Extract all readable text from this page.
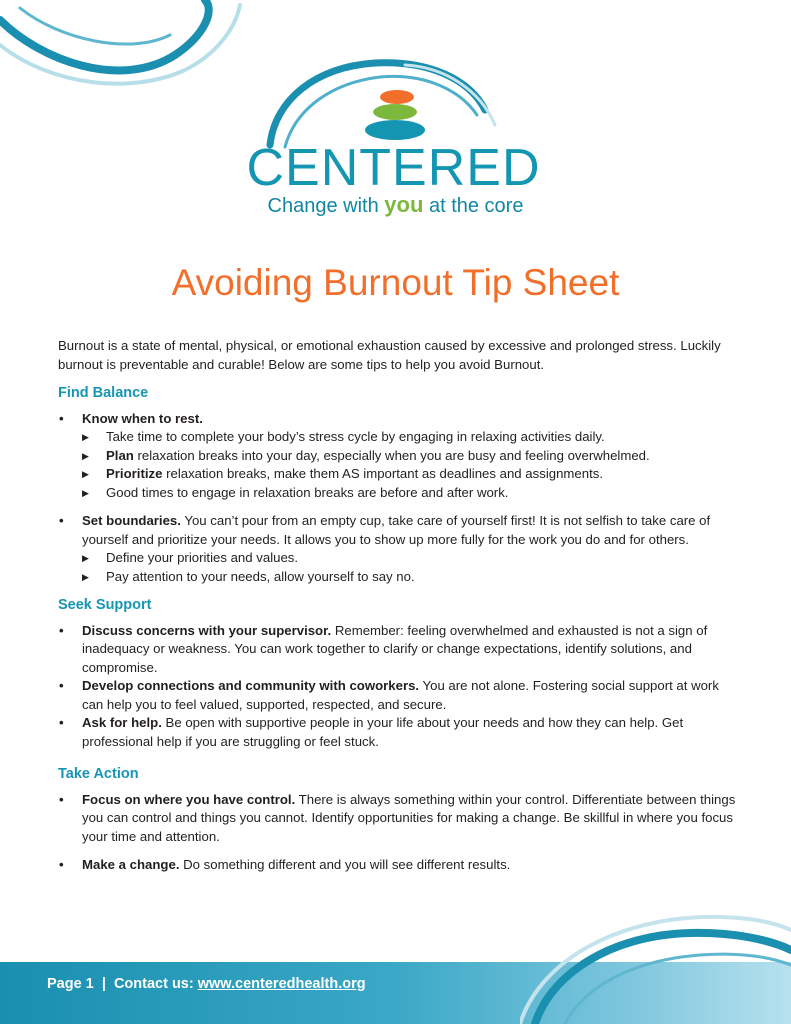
CENTERED
Change with you at the core
Avoiding Burnout Tip Sheet

Burnout is a state of mental, physical, or emotional exhaustion caused by excessive and prolonged stress. Luckily burnout is preventable and curable! Below are some tips to help you avoid Burnout.

Find Balance
• Know when to rest.
▶ Take time to complete your body’s stress cycle by engaging in relaxing activities daily.
▶ Plan relaxation breaks into your day, especially when you are busy and feeling overwhelmed.
▶ Prioritize relaxation breaks, make them AS important as deadlines and assignments.
▶ Good times to engage in relaxation breaks are before and after work.
• Set boundaries. You can’t pour from an empty cup, take care of yourself first! It is not selfish to take care of yourself and prioritize your needs. It allows you to show up more fully for the work you do and for others.
▶ Define your priorities and values.
▶ Pay attention to your needs, allow yourself to say no.
Seek Support
• Discuss concerns with your supervisor. Remember: feeling overwhelmed and exhausted is not a sign of inadequacy or weakness. You can work together to clarify or change expectations, identify solutions, and compromise.
• Develop connections and community with coworkers. You are not alone. Fostering social support at work can help you to feel valued, supported, respected, and secure.
• Ask for help. Be open with supportive people in your life about your needs and how they can help. Get professional help if you are struggling or feel stuck.
Take Action
• Focus on where you have control. There is always something within your control. Differentiate between things you can control and things you cannot. Identify opportunities for making a change. Be skillful in where you focus your time and attention.
• Make a change. Do something different and you will see different results.
Page 1 | Contact us: www.centeredhealth.org
